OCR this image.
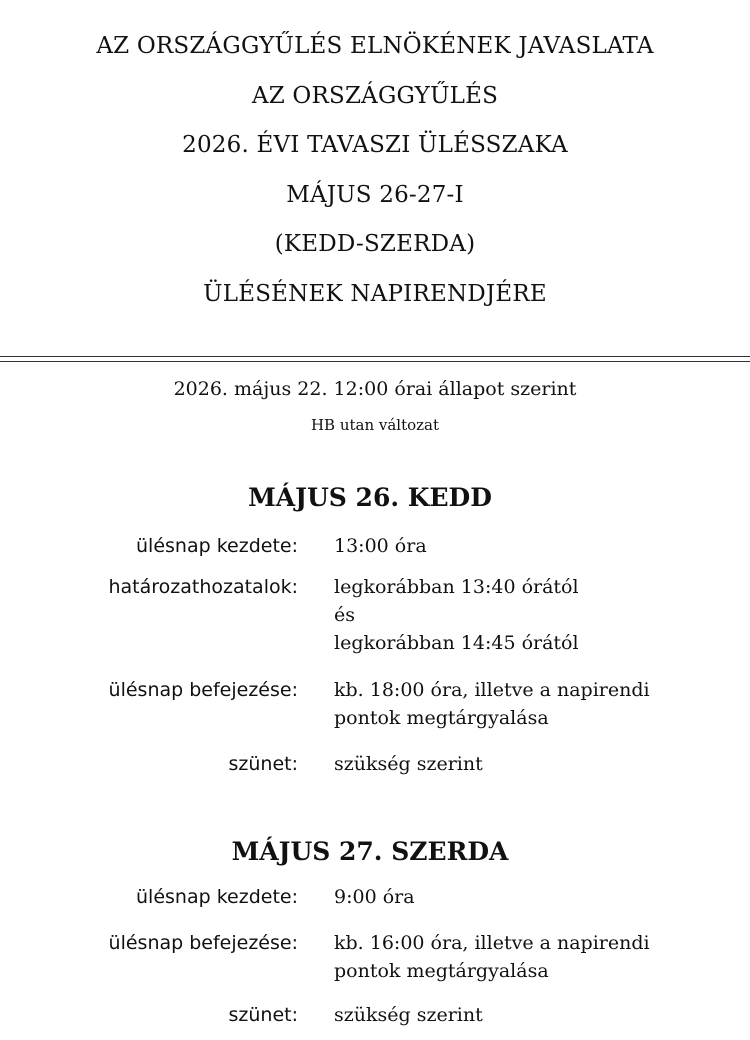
AZ ORSZÁGGYŰLÉS ELNÖKÉNEK JAVASLATA
AZ ORSZÁGGYŰLÉS
2026. ÉVI TAVASZI ÜLÉSSZAKA
MÁJUS 26-27-I
(KEDD-SZERDA)
ÜLÉSÉNEK NAPIRENDJÉRE
2026. május 22. 12:00 órai állapot szerint
HB utan változat
MÁJUS 26. KEDD
ülésnap kezdete: 13:00 óra
határozathozatalok: legkorábban 13:40 órától
és
legkorábban 14:45 órától
ülésnap befejezése: kb. 18:00 óra, illetve a napirendi
pontok megtárgyalása
szünet: szükség szerint
MÁJUS 27. SZERDA
ülésnap kezdete: 9:00 óra
ülésnap befejezése: kb. 16:00 óra, illetve a napirendi
pontok megtárgyalása
szünet: szükség szerint
